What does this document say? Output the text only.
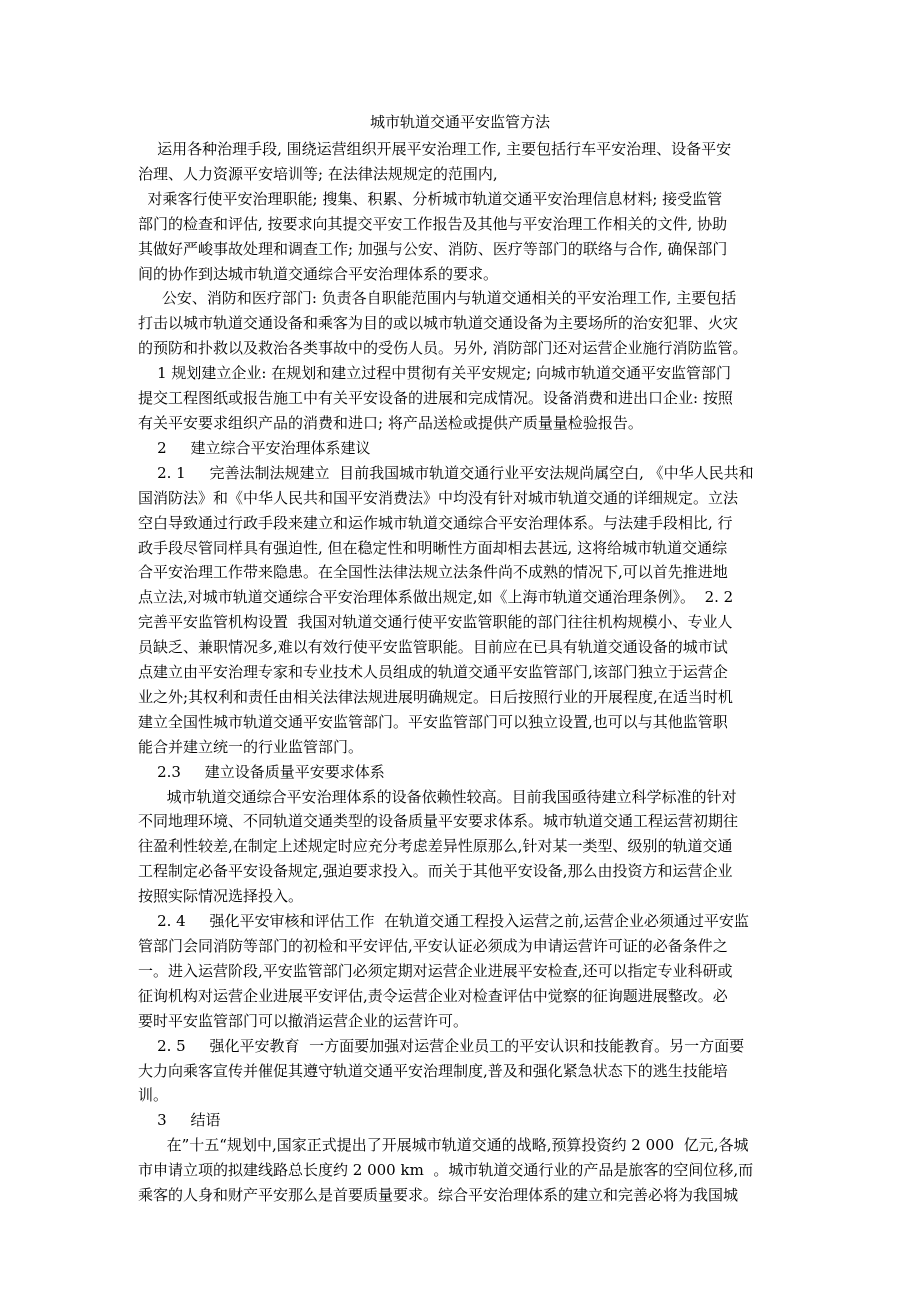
城市轨道交通平安监管方法

运用各种治理手段, 围绕运营组织开展平安治理工作, 主要包括行车平安治理、设备平安
治理、人力资源平安培训等; 在法律法规规定的范围内,

对乘客行使平安治理职能; 搜集、积累、分析城市轨道交通平安治理信息材料; 接受监管
部门的检查和评估, 按要求向其提交平安工作报告及其他与平安治理工作相关的文件, 协助
其做好严峻事故处理和调查工作; 加强与公安、消防、医疗等部门的联络与合作, 确保部门
间的协作到达城市轨道交通综合平安治理体系的要求。

公安、消防和医疗部门: 负责各自职能范围内与轨道交通相关的平安治理工作, 主要包括
打击以城市轨道交通设备和乘客为目的或以城市轨道交通设备为主要场所的治安犯罪、火灾
的预防和扑救以及救治各类事故中的受伤人员。另外, 消防部门还对运营企业施行消防监管。

1 规划建立企业: 在规划和建立过程中贯彻有关平安规定; 向城市轨道交通平安监管部门
提交工程图纸或报告施工中有关平安设备的进展和完成情况。设备消费和进出口企业: 按照
有关平安要求组织产品的消费和进口; 将产品送检或提供产质量量检验报告。

2     建立综合平安治理体系建议

2. 1     完善法制法规建立  目前我国城市轨道交通行业平安法规尚属空白, 《中华人民共和
国消防法》和《中华人民共和国平安消费法》中均没有针对城市轨道交通的详细规定。立法
空白导致通过行政手段来建立和运作城市轨道交通综合平安治理体系。与法建手段相比, 行
政手段尽管同样具有强迫性, 但在稳定性和明晰性方面却相去甚远, 这将给城市轨道交通综
合平安治理工作带来隐患。在全国性法律法规立法条件尚不成熟的情况下,可以首先推进地
点立法,对城市轨道交通综合平安治理体系做出规定,如《上海市轨道交通治理条例》。  2. 2
完善平安监管机构设置  我国对轨道交通行使平安监管职能的部门往往机构规模小、专业人
员缺乏、兼职情况多,难以有效行使平安监管职能。目前应在已具有轨道交通设备的城市试
点建立由平安治理专家和专业技术人员组成的轨道交通平安监管部门,该部门独立于运营企
业之外;其权利和责任由相关法律法规进展明确规定。日后按照行业的开展程度,在适当时机
建立全国性城市轨道交通平安监管部门。平安监管部门可以独立设置,也可以与其他监管职
能合并建立统一的行业监管部门。

2.3     建立设备质量平安要求体系

城市轨道交通综合平安治理体系的设备依赖性较高。目前我国亟待建立科学标准的针对
不同地理环境、不同轨道交通类型的设备质量平安要求体系。城市轨道交通工程运营初期往
往盈利性较差,在制定上述规定时应充分考虑差异性原那么,针对某一类型、级别的轨道交通
工程制定必备平安设备规定,强迫要求投入。而关于其他平安设备,那么由投资方和运营企业
按照实际情况选择投入。

2. 4     强化平安审核和评估工作  在轨道交通工程投入运营之前,运营企业必须通过平安监
管部门会同消防等部门的初检和平安评估,平安认证必须成为申请运营许可证的必备条件之
一。进入运营阶段,平安监管部门必须定期对运营企业进展平安检查,还可以指定专业科研或
征询机构对运营企业进展平安评估,责令运营企业对检查评估中觉察的征询题进展整改。必
要时平安监管部门可以撤消运营企业的运营许可。

2. 5     强化平安教育  一方面要加强对运营企业员工的平安认识和技能教育。另一方面要
大力向乘客宣传并催促其遵守轨道交通平安治理制度,普及和强化紧急状态下的逃生技能培
训。

3     结语

在”十五“规划中,国家正式提出了开展城市轨道交通的战略,预算投资约 2 000  亿元,各城
市申请立项的拟建线路总长度约 2 000 km  。城市轨道交通行业的产品是旅客的空间位移,而
乘客的人身和财产平安那么是首要质量要求。综合平安治理体系的建立和完善必将为我国城
